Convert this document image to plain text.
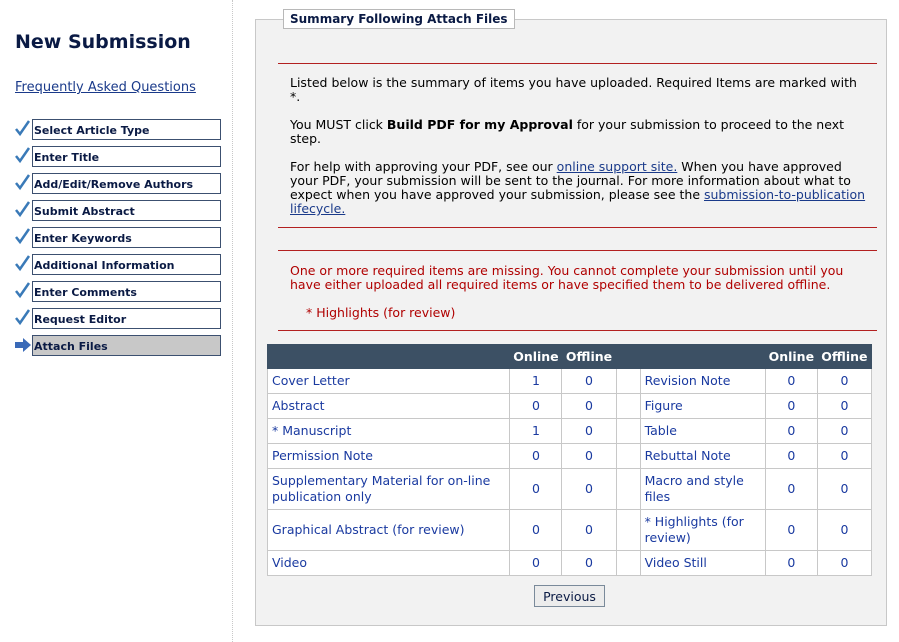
New Submission
Frequently Asked Questions
Select Article Type
Enter Title
Add/Edit/Remove Authors
Submit Abstract
Enter Keywords
Additional Information
Enter Comments
Request Editor
Attach Files
Summary Following Attach Files

Listed below is the summary of items you have uploaded. Required Items are marked with *.

You MUST click Build PDF for my Approval for your submission to proceed to the next step.

For help with approving your PDF, see our online support site. When you have approved your PDF, your submission will be sent to the journal. For more information about what to expect when you have approved your submission, please see the submission-to-publication lifecycle.

One or more required items are missing. You cannot complete your submission until you have either uploaded all required items or have specified them to be delivered offline.

* Highlights (for review)

	Online	Offline			Online	Offline
Cover Letter	1	0		Revision Note	0	0
Abstract	0	0		Figure	0	0
* Manuscript	1	0		Table	0	0
Permission Note	0	0		Rebuttal Note	0	0
Supplementary Material for on-line publication only	0	0		Macro and style files	0	0
Graphical Abstract (for review)	0	0		* Highlights (for review)	0	0
Video	0	0		Video Still	0	0
Previous
